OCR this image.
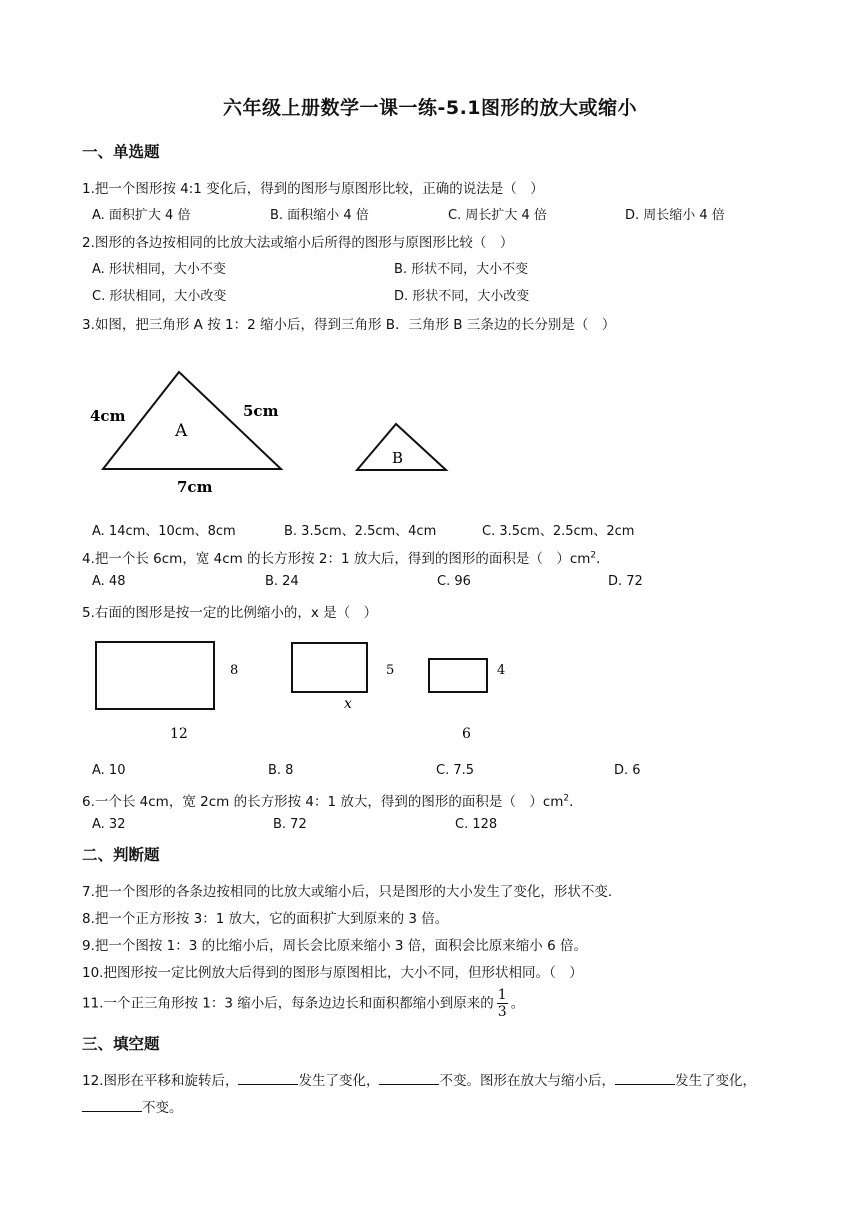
六年级上册数学一课一练-5.1图形的放大或缩小
一、单选题
1.把一个图形按 4:1 变化后，得到的图形与原图形比较，正确的说法是（　）
A. 面积扩大 4 倍	B. 面积缩小 4 倍	C. 周长扩大 4 倍	D. 周长缩小 4 倍
2.图形的各边按相同的比放大法或缩小后所得的图形与原图形比较（　）
A. 形状相同，大小不变	B. 形状不同，大小不变
C. 形状相同，大小改变	D. 形状不同，大小改变
3.如图，把三角形 A 按 1：2 缩小后，得到三角形 B．三角形 B 三条边的长分别是（　）
4cm	5cm
7cm
A
B
A. 14cm、10cm、8cm	B. 3.5cm、2.5cm、4cm	C. 3.5cm、2.5cm、2cm
4.把一个长 6cm，宽 4cm 的长方形按 2：1 放大后，得到的图形的面积是（　）$cm^2$．
A. 48	B. 24	C. 96	D. 72
5.右面的图形是按一定的比例缩小的，x 是（　）
8
12
5
x
4
6
A. 10	B. 8	C. 7.5	D. 6
6.一个长 4cm，宽 2cm 的长方形按 4：1 放大，得到的图形的面积是（　）$cm^2$．
A. 32	B. 72	C. 128
二、判断题
7.把一个图形的各条边按相同的比放大或缩小后，只是图形的大小发生了变化，形状不变.
8.把一个正方形按 3：1 放大，它的面积扩大到原来的 3 倍。
9.把一个图按 1：3 的比缩小后，周长会比原来缩小 3 倍，面积会比原来缩小 6 倍。
10.把图形按一定比例放大后得到的图形与原图相比，大小不同，但形状相同。（　）
11.一个正三角形按 1：3 缩小后，每条边边长和面积都缩小到原来的 $\frac{1}{3}$ 。
三、填空题
12.图形在平移和旋转后，	发生了变化，	不变。图形在放大与缩小后，	发生了变化，不变。
